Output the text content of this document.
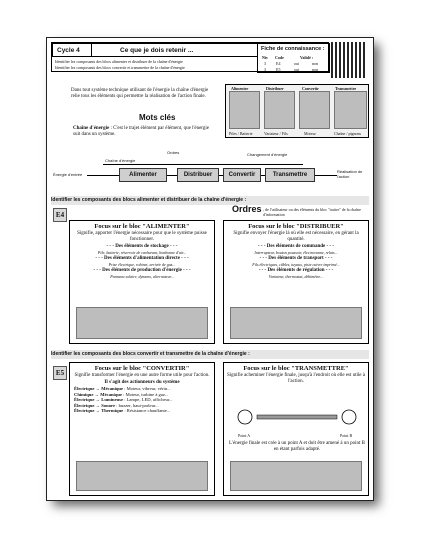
Cycle 4	Ce que je dois retenir ...
Identifier les composants des blocs alimenter et distribuer de la chaîne d'énergie
Identifier les composants des blocs convertir et transmettre de la chaîne d'énergie
Fiche de connaissance :
Niv Code	Validé :
3	E4	oui	non
3	E5	oui	non
Dans tout système technique utilisant de l'énergie la chaîne d'énergie relie tous les éléments qui permettre la réalisation de l'action finale.
Mots clés
Chaîne d'énergie : C'est le trajet élément par élément, que l'énergie suit dans un système.
Alimenter	Distribuer	Convertir	Transmettre
Piles / Batterie	Variateur / Fils	Moteur	Chaîne / pignons
Chaîne d'énergie
Ordres	Changement d'énergie
Énergie d'entrée	Alimenter	Distribuer	Convertir	Transmettre
Réalisation de l'action
Identifier les composants des blocs alimenter et distribuer de la chaîne d'énergie :
E4
Ordres , de l'utilisateur ou des éléments du bloc "traiter" de la chaîne d'information
Focus sur le bloc "ALIMENTER"
Signifie, apporter l'énergie nécessaire pour que le système puisse fonctionner.
- - - Des éléments de stockage - - -
Pile, batterie, réservoir de carburant, bonbonne d'air...
- - - Des éléments d'alimentation directe - - -
Prise électrique, robinet, arrivée de gaz...
- - - Des éléments de production d'énergie - - -
Panneau solaire, dynamo, alternateur...
Focus sur le bloc "DISTRIBUER"
Signifie envoyer l'énergie là où elle est nécessaire, en gérant la quantité.
- - - Des éléments de commande - - -
Interrupteur, bouton poussoir, électrovanne, relais...
- - - Des éléments de transport - - -
Fils électriques, câbles, tuyaux, piste cuivre imprimé...
- - - Des éléments de régulation - - -
Variateur, thermostat, débimètre...
Identifier les composants des blocs convertir et transmettre de la chaîne d'énergie :
E5
Focus sur le bloc "CONVERTIR"
Signifie transformer l'énergie en une autre forme utile pour l'action.
Il s'agit des actionneurs du système
Électrique → Mécanique : Moteur, vibreur, vérin...
Chimique → Mécanique : Moteur, turbine à gaz...
Électrique → Lumineuse : Lampe, LED, afficheur...
Électrique → Sonore : buzzer, haut-parleur...
Électrique → Thermique : Résistance chauffante...
Focus sur le bloc "TRANSMETTRE"
Signifie acheminer l'énergie finale, jusqu'à l'endroit où elle est utile à l'action.
Point A	Point B
L'énergie finale est crée à un point A et doit être amené à un point B en étant parfois adapté.
